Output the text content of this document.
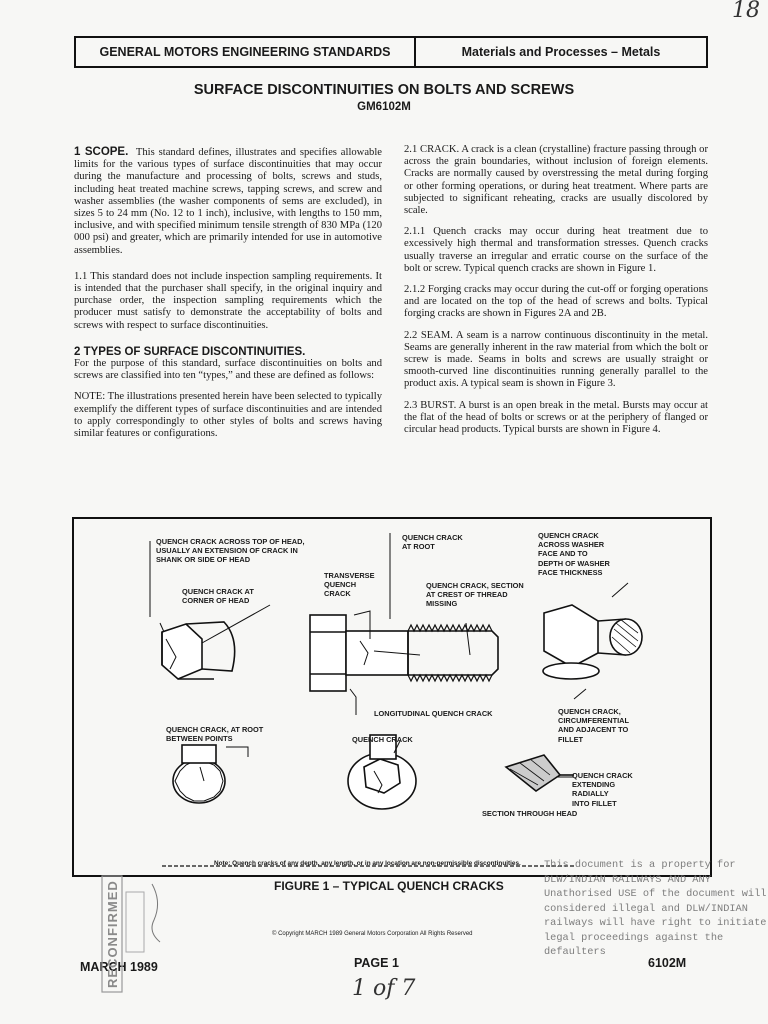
18
GENERAL MOTORS ENGINEERING STANDARDS	Materials and Processes – Metals
SURFACE DISCONTINUITIES ON BOLTS AND SCREWS
GM6102M

1 SCOPE. This standard defines, illustrates and specifies allowable limits for the various types of surface discontinuities that may occur during the manufacture and processing of bolts, screws and studs, including heat treated machine screws, tapping screws, and screw and washer assemblies (the washer components of sems are excluded), in sizes 5 to 24 mm (No. 12 to 1 inch), inclusive, with lengths to 150 mm, inclusive, and with specified minimum tensile strength of 830 MPa (120 000 psi) and greater, which are primarily intended for use in automotive assemblies.

1.1 This standard does not include inspection sampling requirements. It is intended that the purchaser shall specify, in the original inquiry and purchase order, the inspection sampling requirements which the producer must satisfy to demonstrate the acceptability of bolts and screws with respect to surface discontinuities.

2 TYPES OF SURFACE DISCONTINUITIES.

For the purpose of this standard, surface discontinuities on bolts and screws are classified into ten “types,” and these are defined as follows:

NOTE: The illustrations presented herein have been selected to typically exemplify the different types of surface discontinuities and are intended to apply correspondingly to other styles of bolts and screws having similar features or configurations.

2.1 CRACK. A crack is a clean (crystalline) fracture passing through or across the grain boundaries, without inclusion of foreign elements. Cracks are normally caused by overstressing the metal during forging or other forming operations, or during heat treatment. Where parts are subjected to significant reheating, cracks are usually discolored by scale.

2.1.1 Quench cracks may occur during heat treatment due to excessively high thermal and transformation stresses. Quench cracks usually traverse an irregular and erratic course on the surface of the bolt or screw. Typical quench cracks are shown in Figure 1.

2.1.2 Forging cracks may occur during the cut-off or forging operations and are located on the top of the head of screws and bolts. Typical forging cracks are shown in Figures 2A and 2B.

2.2 SEAM. A seam is a narrow continuous discontinuity in the metal. Seams are generally inherent in the raw material from which the bolt or screw is made. Seams in bolts and screws are usually straight or smooth-curved line discontinuities running generally parallel to the product axis. A typical seam is shown in Figure 3.

2.3 BURST. A burst is an open break in the metal. Bursts may occur at the flat of the head of bolts or screws or at the periphery of flanged or circular head products. Typical bursts are shown in Figure 4.

QUENCH CRACK ACROSS TOP OF HEAD,
USUALLY AN EXTENSION OF CRACK IN
SHANK OR SIDE OF HEAD
QUENCH CRACK AT
CORNER OF HEAD
TRANSVERSE
QUENCH
CRACK
QUENCH CRACK
AT ROOT
QUENCH CRACK, SECTION
AT CREST OF THREAD
MISSING
QUENCH CRACK
ACROSS WASHER
FACE AND TO
DEPTH OF WASHER
FACE THICKNESS
LONGITUDINAL QUENCH CRACK	QUENCH CRACK,
CIRCUMFERENTIAL
AND ADJACENT TO
FILLET
QUENCH CRACK, AT ROOT
BETWEEN POINTS	QUENCH CRACK
QUENCH CRACK
EXTENDING
RADIALLY
INTO FILLET
SECTION THROUGH HEAD
Note: Quench cracks of any depth, any length, or in any location are non-permissible discontinuities.
FIGURE 1 – TYPICAL QUENCH CRACKS
© Copyright MARCH 1989 General Motors Corporation All Rights Reserved
MARCH 1989	PAGE 1	6102M
This document is a property for DLW/INDIAN RAILWAYS AND ANY Unathorised USE of the document will considered illegal and DLW/INDIAN railways will have right to initiate legal proceedings against the defaulters
1 of 7
RECONFIRMED
